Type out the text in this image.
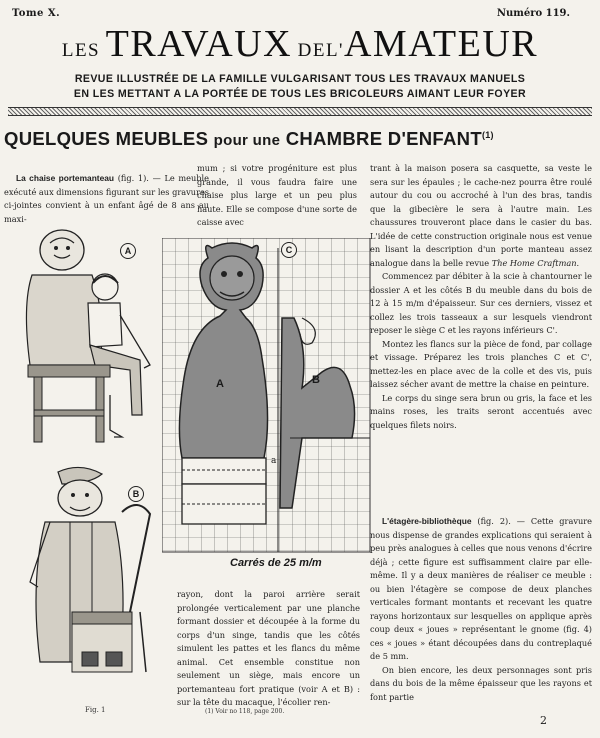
Tome X.	Numéro 119.
LES TRAVAUX DEL'AMATEUR
REVUE ILLUSTRÉE DE LA FAMILLE VULGARISANT TOUS LES TRAVAUX MANUELS
EN LES METTANT A LA PORTÉE DE TOUS LES BRICOLEURS AIMANT LEUR FOYER
QUELQUES MEUBLES pour une CHAMBRE D'ENFANT$^{(1)}$

La chaise portemanteau (fig. 1). — Le meuble exécuté aux dimensions figurant sur les gravures ci-jointes convient à un enfant âgé de 8 ans au maxi-

mum ; si votre progéniture est plus grande, il vous faudra faire une chaise plus large et un peu plus haute. Elle se compose d'une sorte de caisse avec

trant à la maison posera sa casquette, sa veste le sera sur les épaules ; le cache-nez pourra être roulé autour du cou ou accroché à l'un des bras, tandis que la gibecière le sera à l'autre main. Les chaussures trouveront place dans le casier du bas. L'idée de cette construction originale nous est venue en lisant la description d'un porte manteau assez analogue dans la belle revue The Home Craftman.

Commencez par débiter à la scie à chantourner le dossier A et les côtés B du meuble dans du bois de 12 à 15 m/m d'épaisseur. Sur ces derniers, vissez et collez les trois tasseaux a sur lesquels viendront reposer le siège C et les rayons inférieurs C'.

Montez les flancs sur la pièce de fond, par collage et vissage. Préparez les trois planches C et C', mettez-les en place avec de la colle et des vis, puis laissez sécher avant de mettre la chaise en peinture.

Le corps du singe sera brun ou gris, la face et les mains roses, les traits seront accentués avec quelques filets noirs.

rayon, dont la paroi arrière serait prolongée verticalement par une planche formant dossier et découpée à la forme du corps d'un singe, tandis que les côtés simulent les pattes et les flancs du même animal. Cet ensemble constitue non seulement un siège, mais encore un portemanteau fort pratique (voir A et B) : sur la tête du macaque, l'écolier ren-

L'étagère-bibliothèque (fig. 2). — Cette gravure nous dispense de grandes explications qui seraient à peu près analogues à celles que nous venons d'écrire déjà ; cette figure est suffisamment claire par elle-même. Il y a deux manières de réaliser ce meuble : ou bien l'étagère se compose de deux planches verticales formant montants et recevant les quatre rayons horizontaux sur lesquelles on applique après coup deux « joues » représentant le gnome (fig. 4) ces « joues » étant découpées dans du contreplaqué de 5 mm.

On bien encore, les deux personnages sont pris dans du bois de la même épaisseur que les rayons et font partie

A
B
C
A	B
a
Carrés de 25 m/m
Fig. 1	(1) Voir no 118, page 200.
2
